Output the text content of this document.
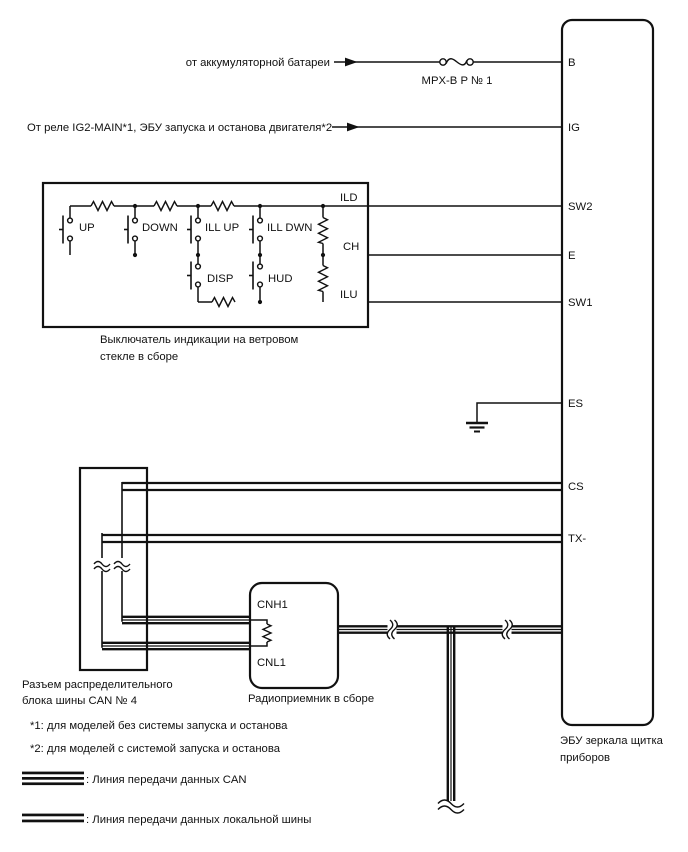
от аккумуляторной батареи
MPX-B P № 1
От реле IG2-MAIN*1, ЭБУ запуска и останова двигателя*2
UP	DOWN ILL UP ILL DWN
DISP	HUD
ILD
CH
ILU
Выключатель индикации на ветровом
стекле в сборе
Разъем распределительного
блока шины CAN № 4
CNH1
CNL1
Радиоприемник в сборе
B
IG
SW2
E
SW1
ES
CS
TX-
ЭБУ зеркала щитка
приборов
*1: для моделей без системы запуска и останова
*2: для моделей с системой запуска и останова
: Линия передачи данных CAN
: Линия передачи данных локальной шины
